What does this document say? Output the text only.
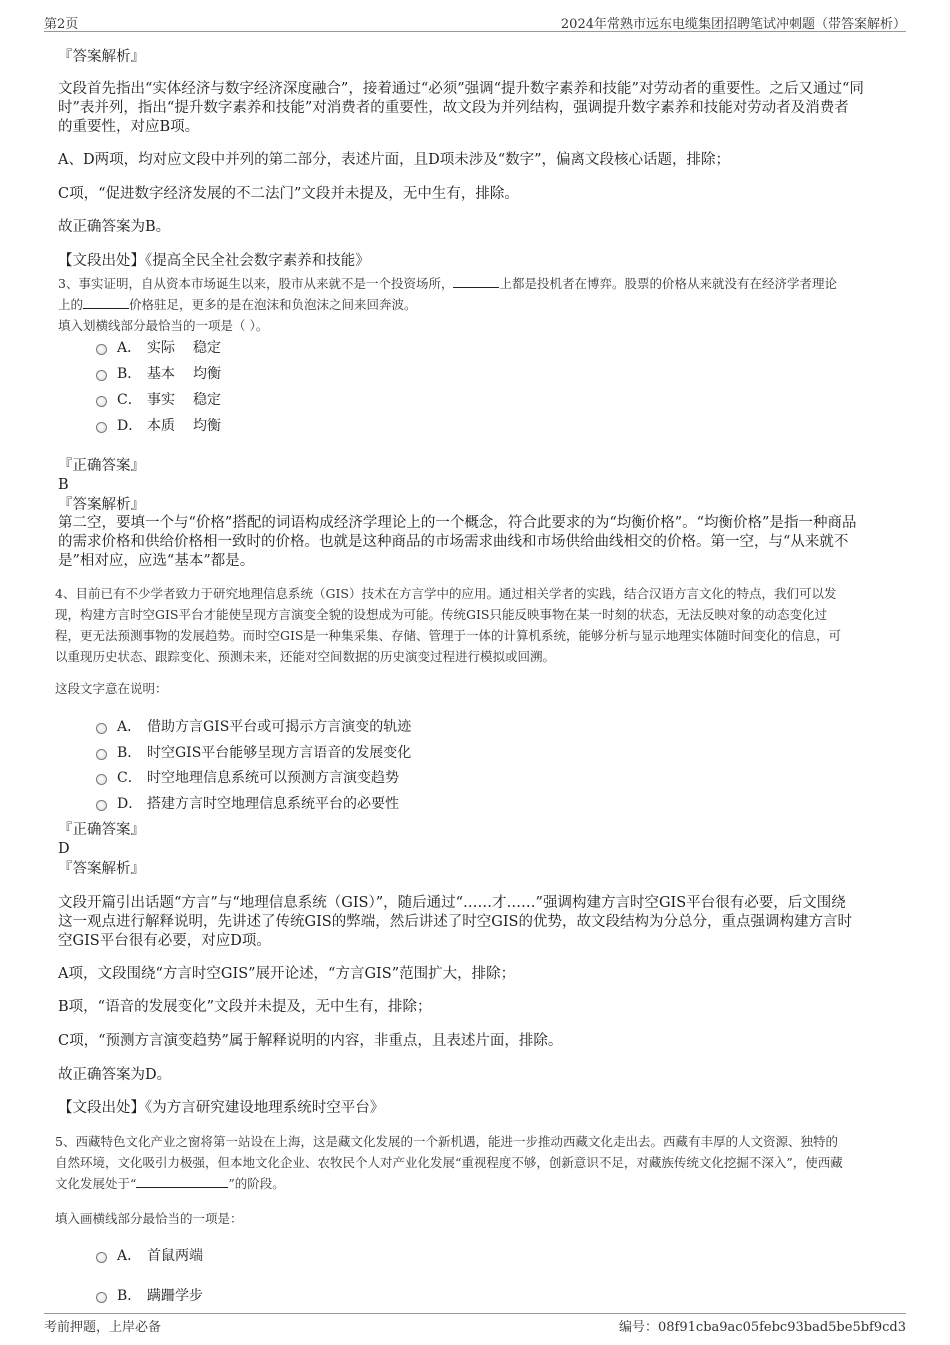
第2页	2024年常熟市远东电缆集团招聘笔试冲刺题（带答案解析）
『答案解析』
文段首先指出“实体经济与数字经济深度融合”，接着通过“必须”强调“提升数字素养和技能”对劳动者的重要性。之后又通过“同
时”表并列，指出“提升数字素养和技能”对消费者的重要性，故文段为并列结构，强调提升数字素养和技能对劳动者及消费者
的重要性，对应B项。
A、D两项，均对应文段中并列的第二部分，表述片面，且D项未涉及“数字”，偏离文段核心话题，排除；
C项，“促进数字经济发展的不二法门”文段并未提及，无中生有，排除。
故正确答案为B。
【文段出处】《提高全民全社会数字素养和技能》
3、事实证明，自从资本市场诞生以来，股市从来就不是一个投资场所，	上都是投机者在博弈。股票的价格从来就没有在经济学者理论
上的	价格驻足，更多的是在泡沫和负泡沫之间来回奔波。
填入划横线部分最恰当的一项是（ ）。
A． 实际 稳定
B． 基本 均衡
C． 事实 稳定
D． 本质 均衡
『正确答案』
B
『答案解析』
第二空，要填一个与“价格”搭配的词语构成经济学理论上的一个概念，符合此要求的为“均衡价格”。“均衡价格”是指一种商品
的需求价格和供给价格相一致时的价格。也就是这种商品的市场需求曲线和市场供给曲线相交的价格。第一空，与“从来就不
是”相对应，应选“基本”都是。
4、目前已有不少学者致力于研究地理信息系统（GIS）技术在方言学中的应用。通过相关学者的实践，结合汉语方言文化的特点，我们可以发
现，构建方言时空GIS平台才能使呈现方言演变全貌的设想成为可能。传统GIS只能反映事物在某一时刻的状态，无法反映对象的动态变化过
程，更无法预测事物的发展趋势。而时空GIS是一种集采集、存储、管理于一体的计算机系统，能够分析与显示地理实体随时间变化的信息，可
以重现历史状态、跟踪变化、预测未来，还能对空间数据的历史演变过程进行模拟或回溯。
这段文字意在说明：
A． 借助方言GIS平台或可揭示方言演变的轨迹
B． 时空GIS平台能够呈现方言语音的发展变化
C． 时空地理信息系统可以预测方言演变趋势
D． 搭建方言时空地理信息系统平台的必要性
『正确答案』
D
『答案解析』
文段开篇引出话题“方言”与“地理信息系统（GIS）”，随后通过“……才……”强调构建方言时空GIS平台很有必要，后文围绕
这一观点进行解释说明，先讲述了传统GIS的弊端，然后讲述了时空GIS的优势，故文段结构为分总分，重点强调构建方言时
空GIS平台很有必要，对应D项。
A项，文段围绕“方言时空GIS”展开论述，“方言GIS”范围扩大，排除；
B项，“语音的发展变化”文段并未提及，无中生有，排除；
C项，“预测方言演变趋势”属于解释说明的内容，非重点，且表述片面，排除。
故正确答案为D。
【文段出处】《为方言研究建设地理系统时空平台》
5、西藏特色文化产业之窗将第一站设在上海，这是藏文化发展的一个新机遇，能进一步推动西藏文化走出去。西藏有丰厚的人文资源、独特的
自然环境，文化吸引力极强，但本地文化企业、农牧民个人对产业化发展“重视程度不够，创新意识不足，对藏族传统文化挖掘不深入”，使西藏
文化发展处于“	”的阶段。
填入画横线部分最恰当的一项是：
A． 首鼠两端
B． 蹒跚学步
考前押题，上岸必备	编号：08f91cba9ac05febc93bad5be5bf9cd3
